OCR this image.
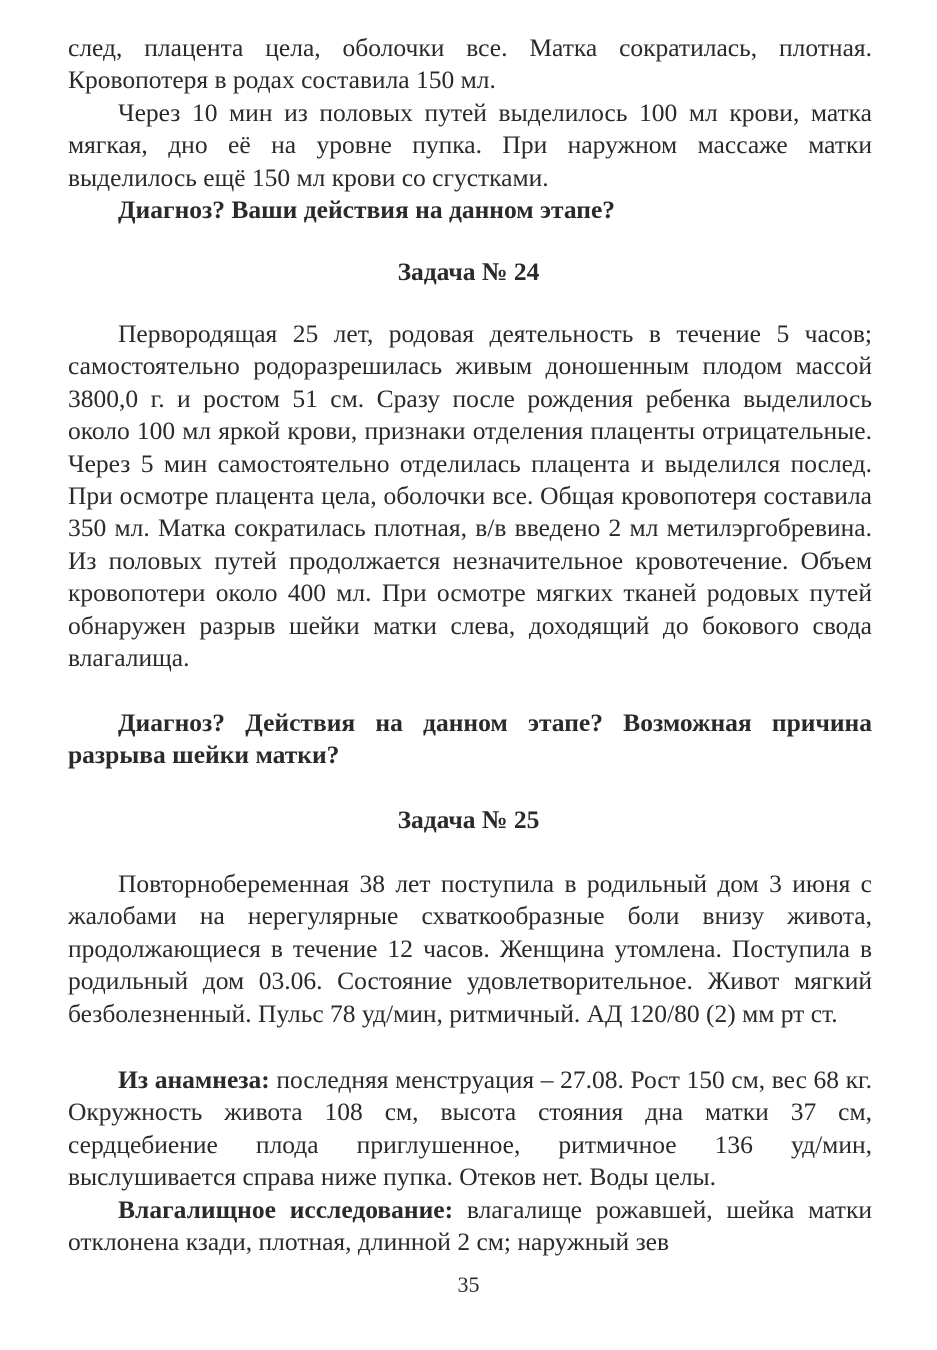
след, плацента цела, оболочки все. Матка сократилась, плотная. Кровопотеря в родах составила 150 мл.

Через 10 мин из половых путей выделилось 100 мл крови, матка мягкая, дно её на уровне пупка. При наружном массаже матки выделилось ещё 150 мл крови со сгустками.

Диагноз? Ваши действия на данном этапе?

Задача № 24

Первородящая 25 лет, родовая деятельность в течение 5 часов; самостоятельно родоразрешилась живым доношенным плодом массой 3800,0 г. и ростом 51 см. Сразу после рождения ребенка выделилось около 100 мл яркой крови, признаки отделения плаценты отрицательные. Через 5 мин самостоятельно отделилась плацента и выделился послед. При осмотре плацента цела, оболочки все. Общая кровопотеря составила 350 мл. Матка сократилась плотная, в/в введено 2 мл метилэргобревина. Из половых путей продолжается незначительное кровотечение. Объем кровопотери около 400 мл. При осмотре мягких тканей родовых путей обнаружен разрыв шейки матки слева, доходящий до бокового свода влагалища.

Диагноз? Действия на данном этапе? Возможная причина разрыва шейки матки?

Задача № 25

Повторнобеременная 38 лет поступила в родильный дом 3 июня с жалобами на нерегулярные схваткообразные боли внизу живота, продолжающиеся в течение 12 часов. Женщина утомлена. Поступила в родильный дом 03.06. Состояние удовлетворительное. Живот мягкий безболезненный. Пульс 78 уд/мин, ритмичный. АД 120/80 (2) мм рт ст.

Из анамнеза: последняя менструация – 27.08. Рост 150 см, вес 68 кг. Окружность живота 108 см, высота стояния дна матки 37 см, сердцебиение плода приглушенное, ритмичное 136 уд/мин, выслушивается справа ниже пупка. Отеков нет. Воды целы.

Влагалищное исследование: влагалище рожавшей, шейка матки отклонена кзади, плотная, длинной 2 см; наружный зев

35
